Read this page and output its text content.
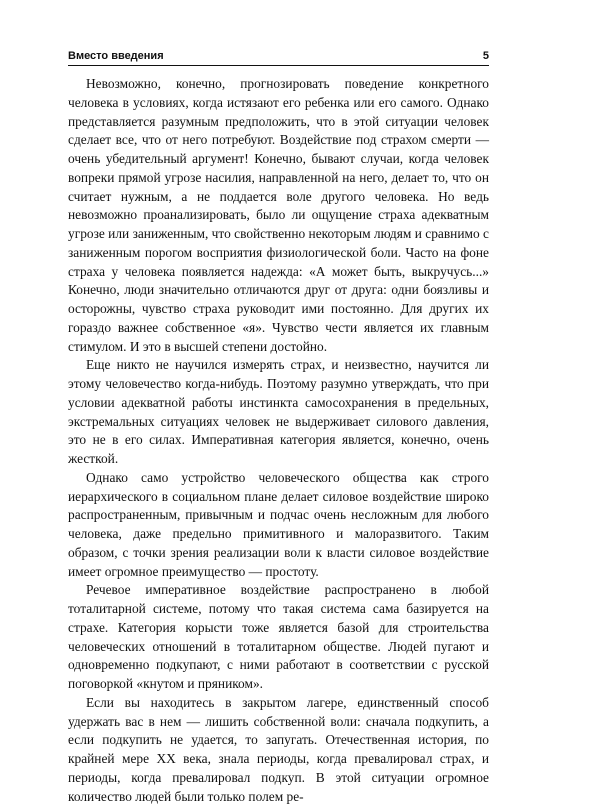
Вместо введения	5

Невозможно, конечно, прогнозировать поведение конкретного человека в условиях, когда истязают его ребенка или его самого. Однако представляется разумным предположить, что в этой ситуации человек сделает все, что от него потребуют. Воздействие под страхом смерти — очень убедительный аргумент! Конечно, бывают случаи, когда человек вопреки прямой угрозе насилия, направленной на него, делает то, что он считает нужным, а не поддается воле другого человека. Но ведь невозможно проанализировать, было ли ощущение страха адекватным угрозе или заниженным, что свойственно некоторым людям и сравнимо с заниженным порогом восприятия физиологической боли. Часто на фоне страха у человека появляется надежда: «А может быть, выкручусь...» Конечно, люди значительно отличаются друг от друга: одни боязливы и осторожны, чувство страха руководит ими постоянно. Для других их гораздо важнее собственное «я». Чувство чести является их главным стимулом. И это в высшей степени достойно.

Еще никто не научился измерять страх, и неизвестно, научится ли этому человечество когда-нибудь. Поэтому разумно утверждать, что при условии адекватной работы инстинкта самосохранения в предельных, экстремальных ситуациях человек не выдерживает силового давления, это не в его силах. Императивная категория является, конечно, очень жесткой.

Однако само устройство человеческого общества как строго иерархического в социальном плане делает силовое воздействие широко распространенным, привычным и подчас очень несложным для любого человека, даже предельно примитивного и малоразвитого. Таким образом, с точки зрения реализации воли к власти силовое воздействие имеет огромное преимущество — простоту.

Речевое императивное воздействие распространено в любой тоталитарной системе, потому что такая система сама базируется на страхе. Категория корысти тоже является базой для строительства человеческих отношений в тоталитарном обществе. Людей пугают и одновременно подкупают, с ними работают в соответствии с русской поговоркой «кнутом и пряником».

Если вы находитесь в закрытом лагере, единственный способ удержать вас в нем — лишить собственной воли: сначала подкупить, а если подкупить не удается, то запугать. Отечественная история, по крайней мере XX века, знала периоды, когда превалировал страх, и периоды, когда превалировал подкуп. В этой ситуации огромное количество людей были только полем ре-
